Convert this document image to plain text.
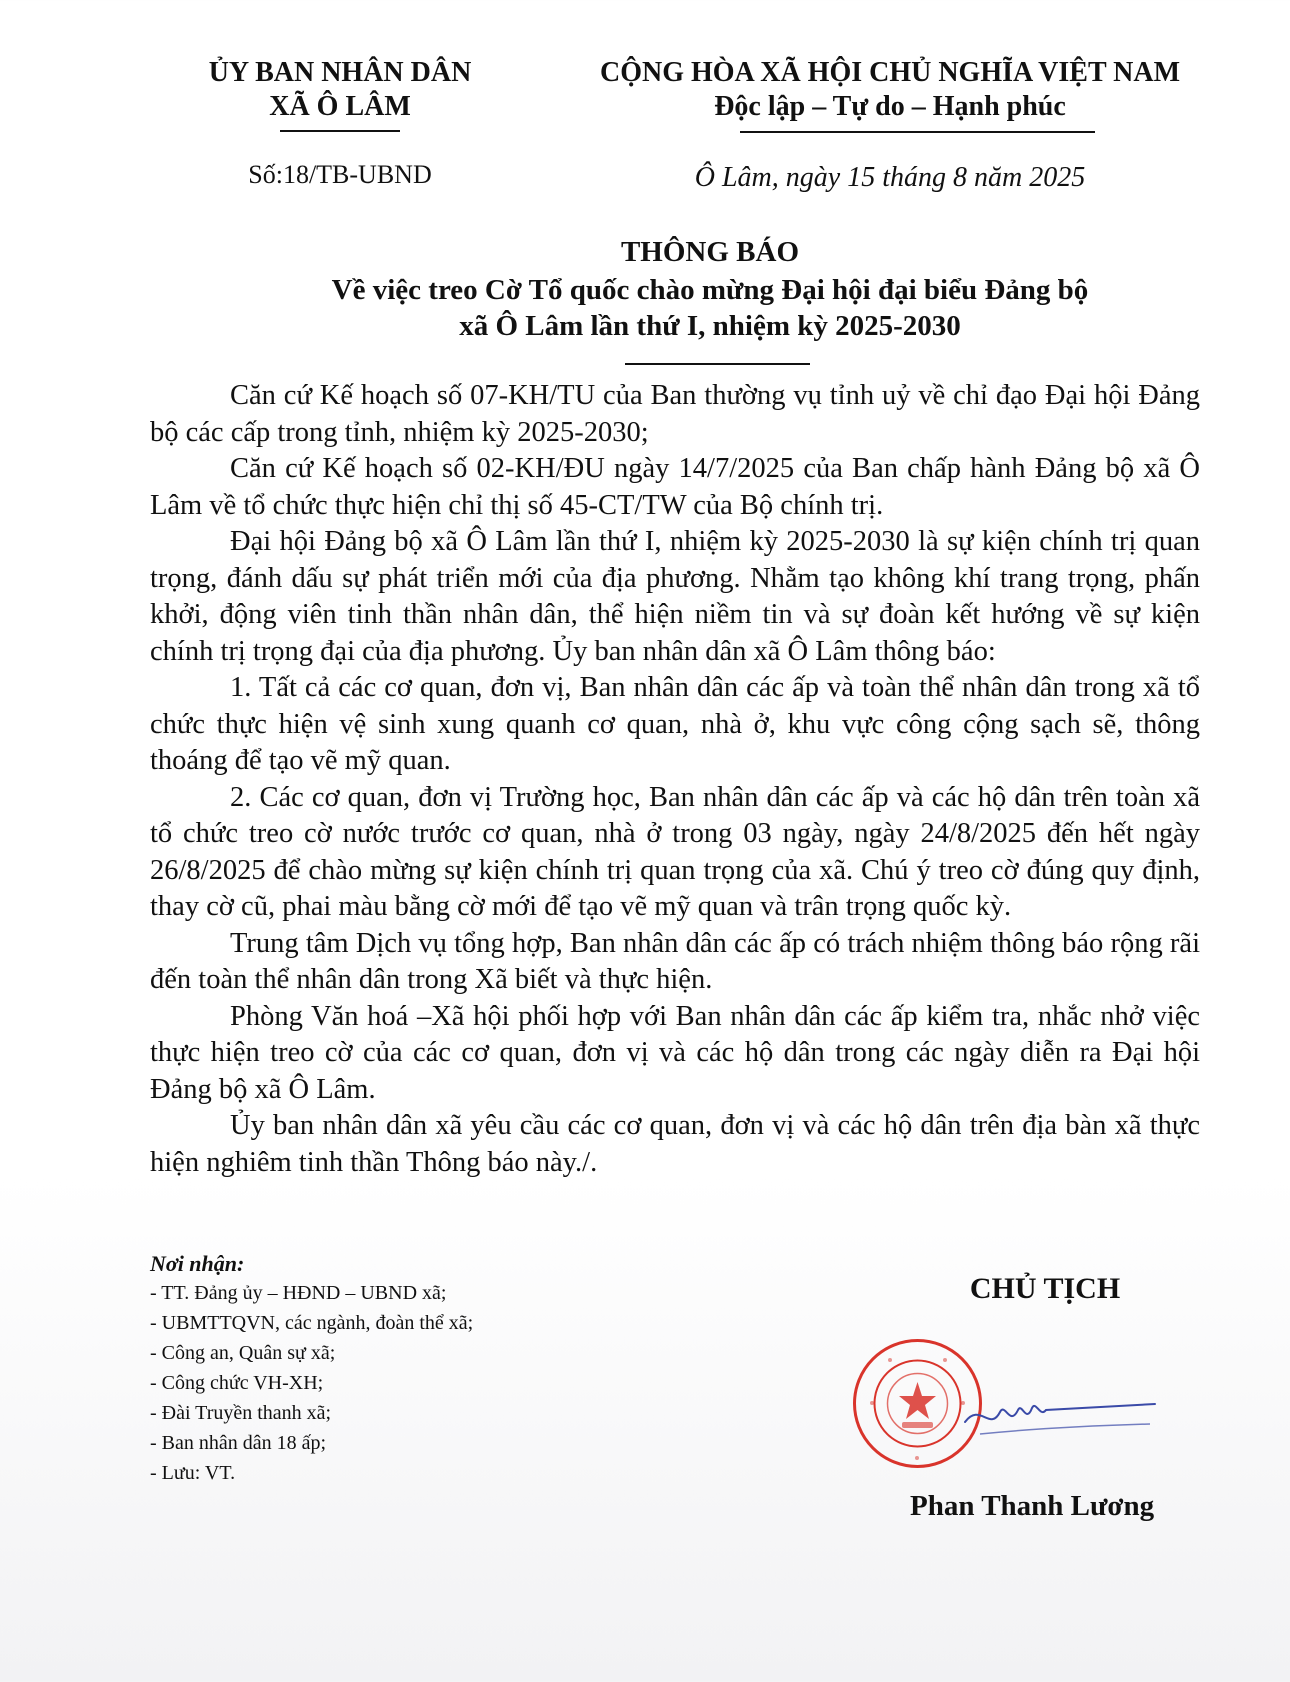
ỦY BAN NHÂN DÂN
XÃ Ô LÂM
CỘNG HÒA XÃ HỘI CHỦ NGHĨA VIỆT NAM
Độc lập – Tự do – Hạnh phúc
Số:18/TB-UBND	Ô Lâm, ngày 15 tháng 8 năm 2025
THÔNG BÁO
Về việc treo Cờ Tổ quốc chào mừng Đại hội đại biểu Đảng bộ
xã Ô Lâm lần thứ I, nhiệm kỳ 2025-2030

Căn cứ Kế hoạch số 07-KH/TU của Ban thường vụ tỉnh uỷ về chỉ đạo Đại hội Đảng bộ các cấp trong tỉnh, nhiệm kỳ 2025-2030;

Căn cứ Kế hoạch số 02-KH/ĐU ngày 14/7/2025 của Ban chấp hành Đảng bộ xã Ô Lâm về tổ chức thực hiện chỉ thị số 45-CT/TW của Bộ chính trị.

Đại hội Đảng bộ xã Ô Lâm lần thứ I, nhiệm kỳ 2025-2030 là sự kiện chính trị quan trọng, đánh dấu sự phát triển mới của địa phương. Nhằm tạo không khí trang trọng, phấn khởi, động viên tinh thần nhân dân, thể hiện niềm tin và sự đoàn kết hướng về sự kiện chính trị trọng đại của địa phương. Ủy ban nhân dân xã Ô Lâm thông báo:

1. Tất cả các cơ quan, đơn vị, Ban nhân dân các ấp và toàn thể nhân dân trong xã tổ chức thực hiện vệ sinh xung quanh cơ quan, nhà ở, khu vực công cộng sạch sẽ, thông thoáng để tạo vẽ mỹ quan.

2. Các cơ quan, đơn vị Trường học, Ban nhân dân các ấp và các hộ dân trên toàn xã tổ chức treo cờ nước trước cơ quan, nhà ở trong 03 ngày, ngày 24/8/2025 đến hết ngày 26/8/2025 để chào mừng sự kiện chính trị quan trọng của xã. Chú ý treo cờ đúng quy định, thay cờ cũ, phai màu bằng cờ mới để tạo vẽ mỹ quan và trân trọng quốc kỳ.

Trung tâm Dịch vụ tổng hợp, Ban nhân dân các ấp có trách nhiệm thông báo rộng rãi đến toàn thể nhân dân trong Xã biết và thực hiện.

Phòng Văn hoá –Xã hội phối hợp với Ban nhân dân các ấp kiểm tra, nhắc nhở việc thực hiện treo cờ của các cơ quan, đơn vị và các hộ dân trong các ngày diễn ra Đại hội Đảng bộ xã Ô Lâm.

Ủy ban nhân dân xã yêu cầu các cơ quan, đơn vị và các hộ dân trên địa bàn xã thực hiện nghiêm tinh thần Thông báo này./.

Nơi nhận:
- TT. Đảng ủy – HĐND – UBND xã;
- UBMTTQVN, các ngành, đoàn thể xã;
- Công an, Quân sự xã;
- Công chức VH-XH;
- Đài Truyền thanh xã;
- Ban nhân dân 18 ấp;
- Lưu: VT.
CHỦ TỊCH
Phan Thanh Lương
